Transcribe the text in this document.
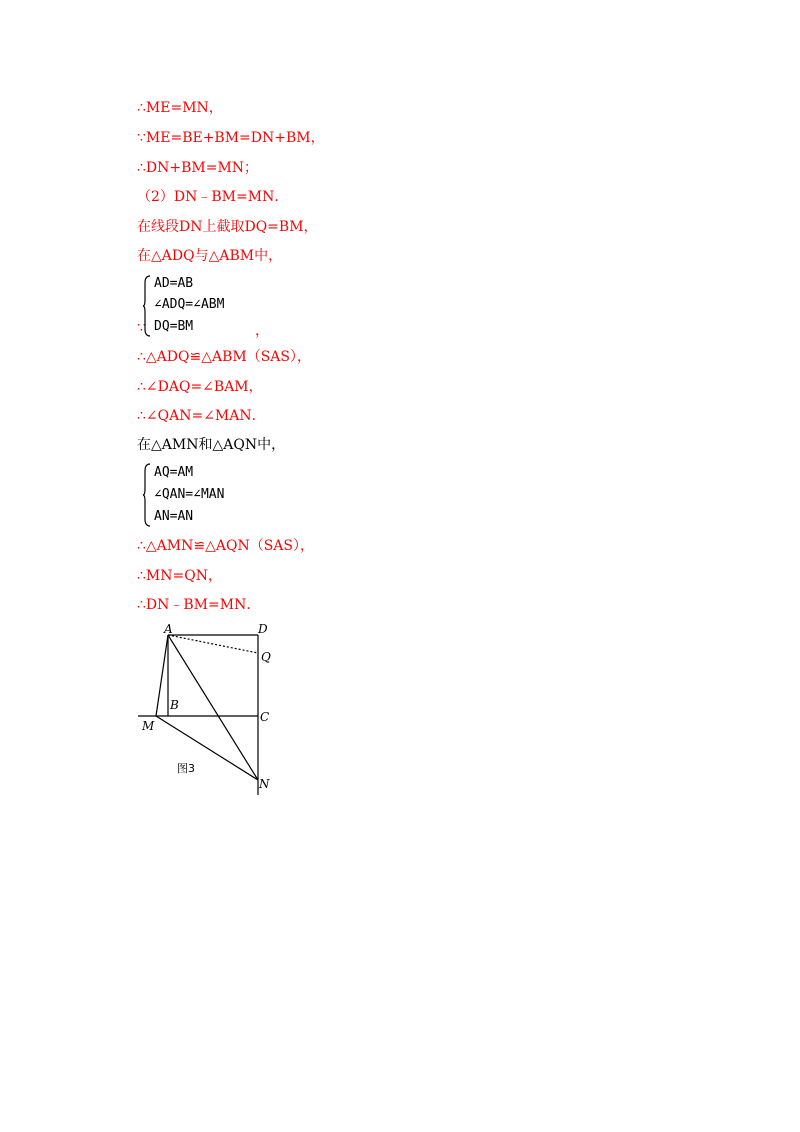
∴ME=MN，
∵ME=BE+BM=DN+BM，
∴DN+BM=MN；
（2）DN﹣BM=MN．
在线段DN上截取DQ=BM，
在△ADQ与△ABM中，
∵
AD=AB
∠ADQ=∠ABM
DQ=BM	，
∴△ADQ≌△ABM（SAS），
∴∠DAQ=∠BAM，
∴∠QAN=∠MAN．
在△AMN和△AQN中，
AQ=AM
∠QAN=∠MAN
AN=AN
∴△AMN≌△AQN（SAS），
∴MN=QN，
∴DN﹣BM=MN．
A	D
Q
B
C
M
N
图3
